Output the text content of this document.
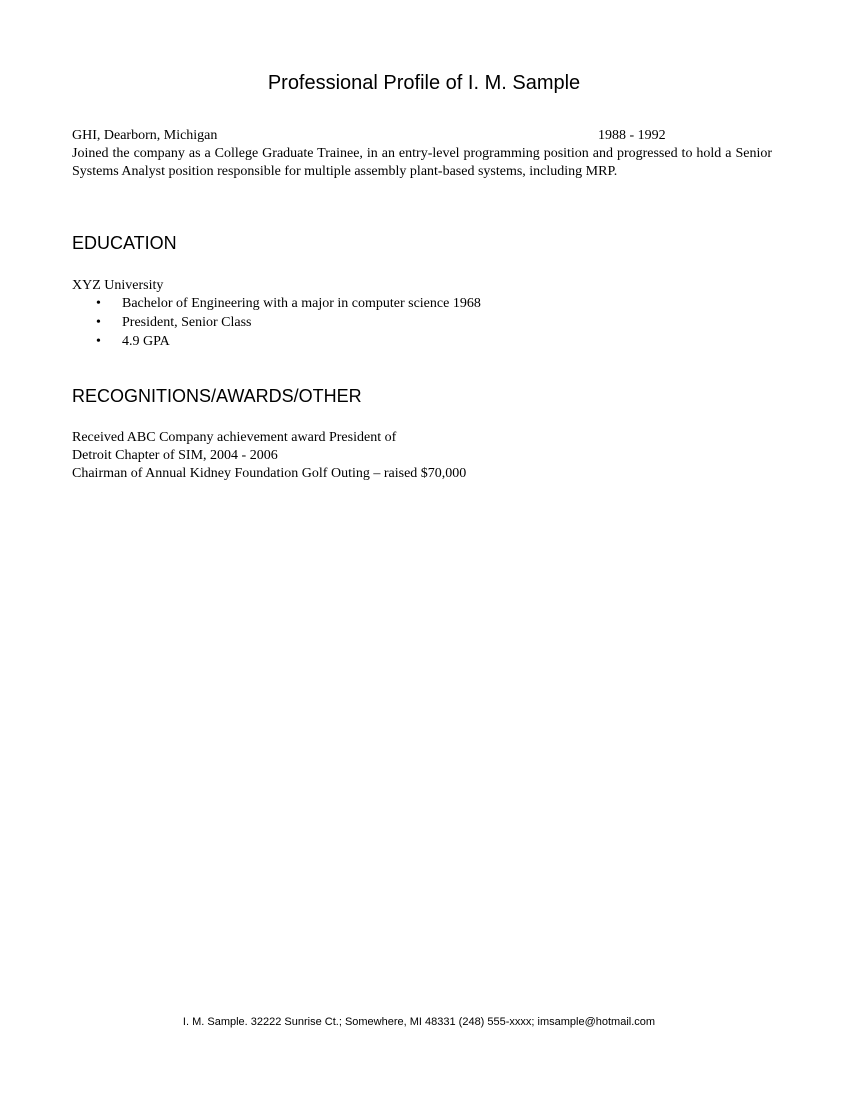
Professional Profile of I. M. Sample
GHI, Dearborn, Michigan	1988 - 1992
Joined the company as a College Graduate Trainee, in an entry-level programming position and progressed to hold a Senior Systems Analyst position responsible for multiple assembly plant-based systems, including MRP.
EDUCATION
XYZ University
• Bachelor of Engineering with a major in computer science 1968
• President, Senior Class
• 4.9 GPA
RECOGNITIONS/AWARDS/OTHER
Received ABC Company achievement award President of
Detroit Chapter of SIM, 2004 - 2006
Chairman of Annual Kidney Foundation Golf Outing – raised $70,000
I. M. Sample. 32222 Sunrise Ct.; Somewhere, MI 48331 (248) 555-xxxx; imsample@hotmail.com
